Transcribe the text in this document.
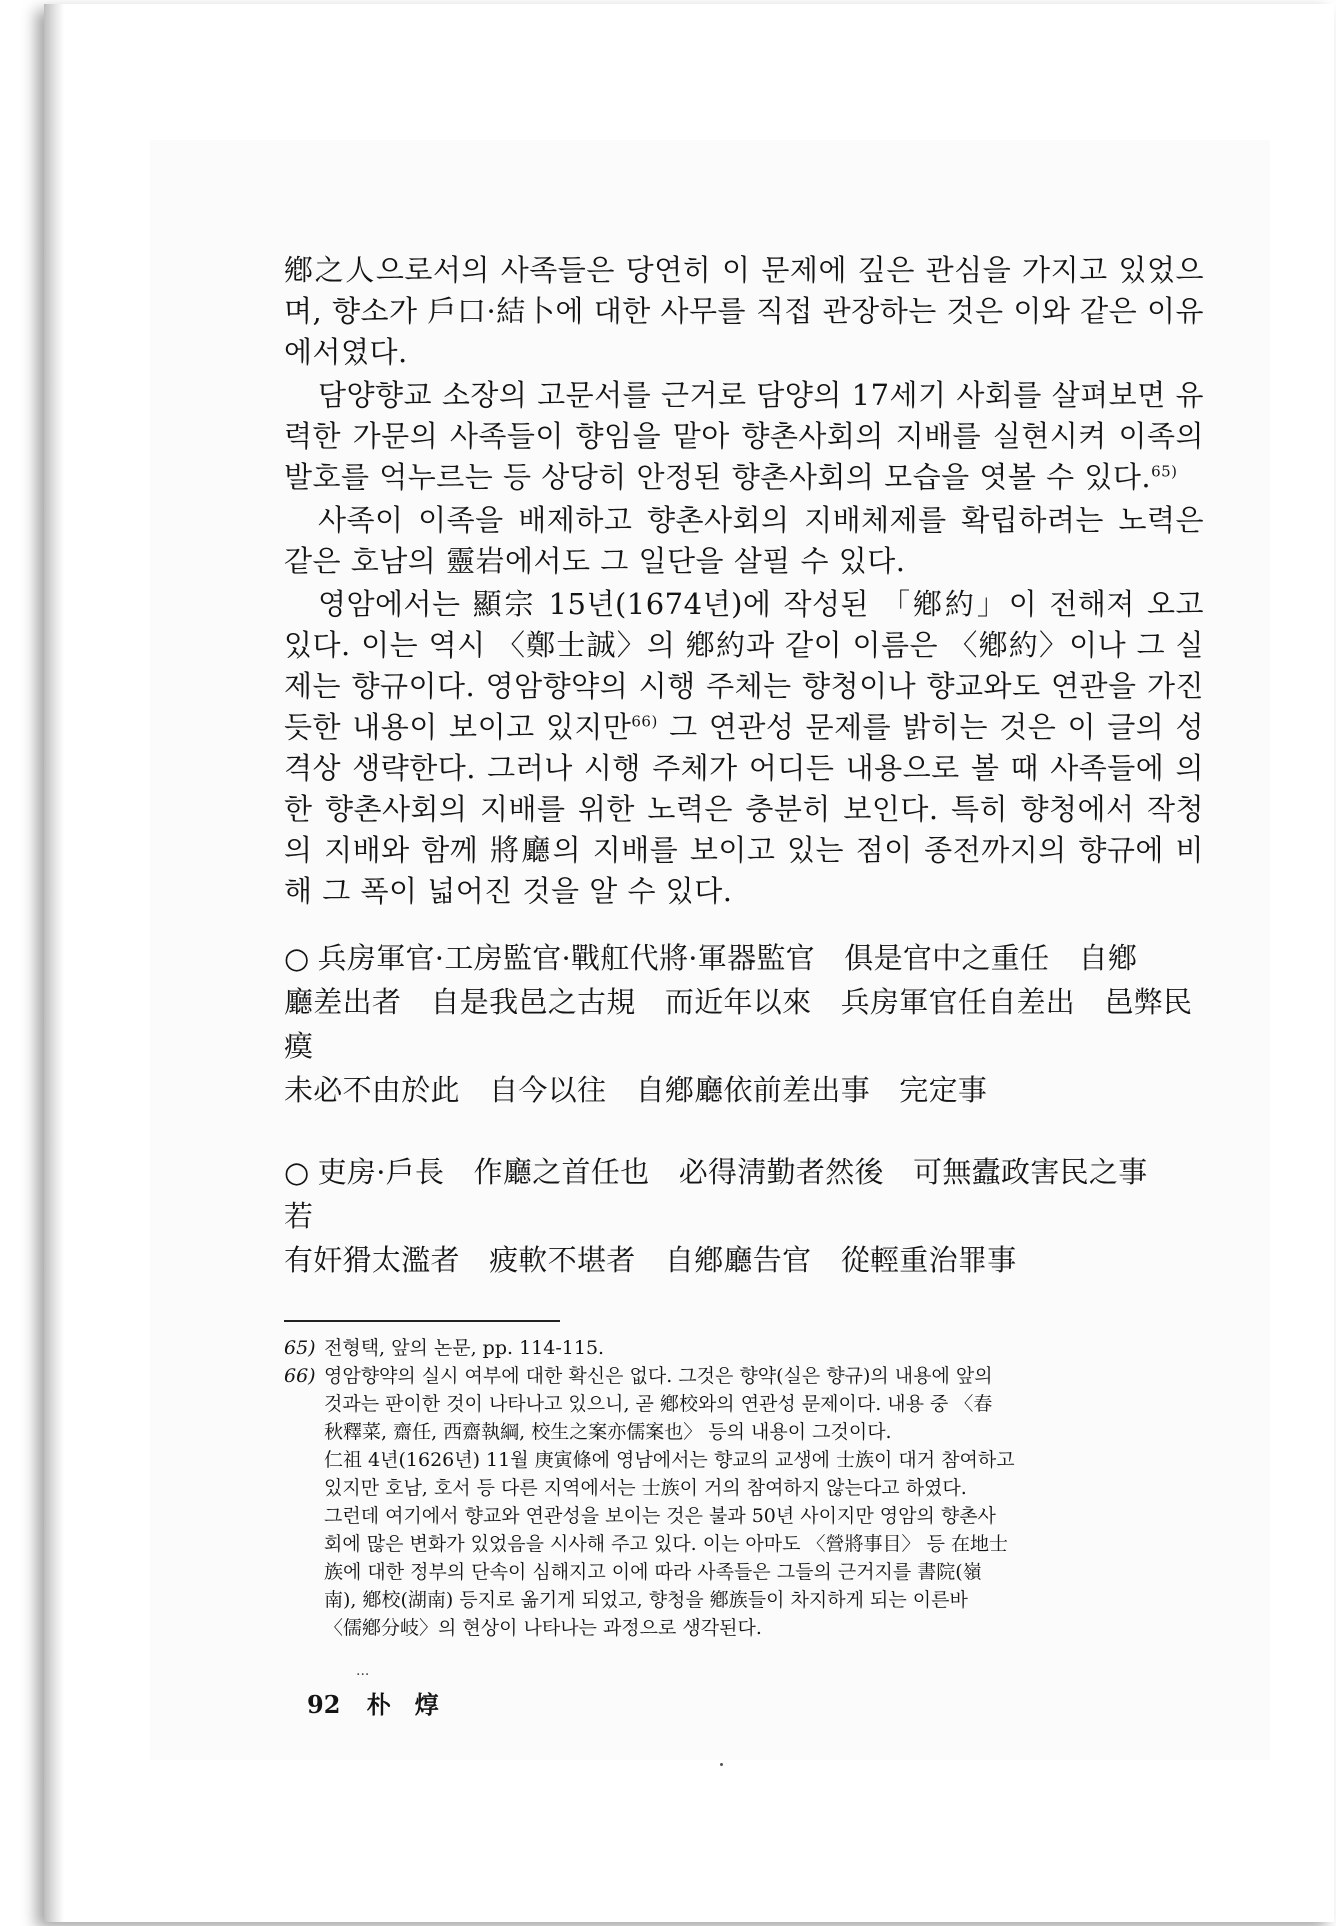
鄕之人으로서의 사족들은 당연히 이 문제에 깊은 관심을 가지고 있었으며, 향소가 戶口·結卜에 대한 사무를 직접 관장하는 것은 이와 같은 이유에서였다.

담양향교 소장의 고문서를 근거로 담양의 17세기 사회를 살펴보면 유력한 가문의 사족들이 향임을 맡아 향촌사회의 지배를 실현시켜 이족의 발호를 억누르는 등 상당히 안정된 향촌사회의 모습을 엿볼 수 있다.$^{65)}$

사족이 이족을 배제하고 향촌사회의 지배체제를 확립하려는 노력은 같은 호남의 靈岩에서도 그 일단을 살필 수 있다.

영암에서는 顯宗 15년(1674년)에 작성된 「鄕約」이 전해져 오고 있다. 이는 역시 〈鄭士誠〉의 鄕約과 같이 이름은 〈鄕約〉이나 그 실제는 향규이다. 영암향약의 시행 주체는 향청이나 향교와도 연관을 가진 듯한 내용이 보이고 있지만$^{66)}$ 그 연관성 문제를 밝히는 것은 이 글의 성격상 생략한다. 그러나 시행 주체가 어디든 내용으로 볼 때 사족들에 의한 향촌사회의 지배를 위한 노력은 충분히 보인다. 특히 향청에서 작청의 지배와 함께 將廳의 지배를 보이고 있는 점이 종전까지의 향규에 비해 그 폭이 넓어진 것을 알 수 있다.

○ 兵房軍官·工房監官·戰舡代將·軍器監官　俱是官中之重任　自鄕
廳差出者　自是我邑之古規　而近年以來　兵房軍官任自差出　邑弊民瘼
未必不由於此　自今以往　自鄕廳依前差出事　完定事
○ 吏房·戶長　作廳之首任也　必得淸勤者然後　可無蠹政害民之事　若
有奸猾太濫者　疲軟不堪者　自鄕廳告官　從輕重治罪事
65) 전형택, 앞의 논문, pp. 114-115.
66) 영암향약의 실시 여부에 대한 확신은 없다. 그것은 향약(실은 향규)의 내용에 앞의
것과는 판이한 것이 나타나고 있으니, 곧 鄕校와의 연관성 문제이다. 내용 중 〈春
秋釋菜, 齋任, 西齋執綱, 校生之案亦儒案也〉 등의 내용이 그것이다.
仁祖 4년(1626년) 11월 庚寅條에 영남에서는 향교의 교생에 士族이 대거 참여하고
있지만 호남, 호서 등 다른 지역에서는 士族이 거의 참여하지 않는다고 하였다.
그런데 여기에서 향교와 연관성을 보이는 것은 불과 50년 사이지만 영암의 향촌사
회에 많은 변화가 있었음을 시사해 주고 있다. 이는 아마도 〈營將事目〉 등 在地士
族에 대한 정부의 단속이 심해지고 이에 따라 사족들은 그들의 근거지를 書院(嶺
南), 鄕校(湖南) 등지로 옮기게 되었고, 향청을 鄕族들이 차지하게 되는 이른바
〈儒鄕分岐〉의 현상이 나타나는 과정으로 생각된다.
...
92 朴　焞
